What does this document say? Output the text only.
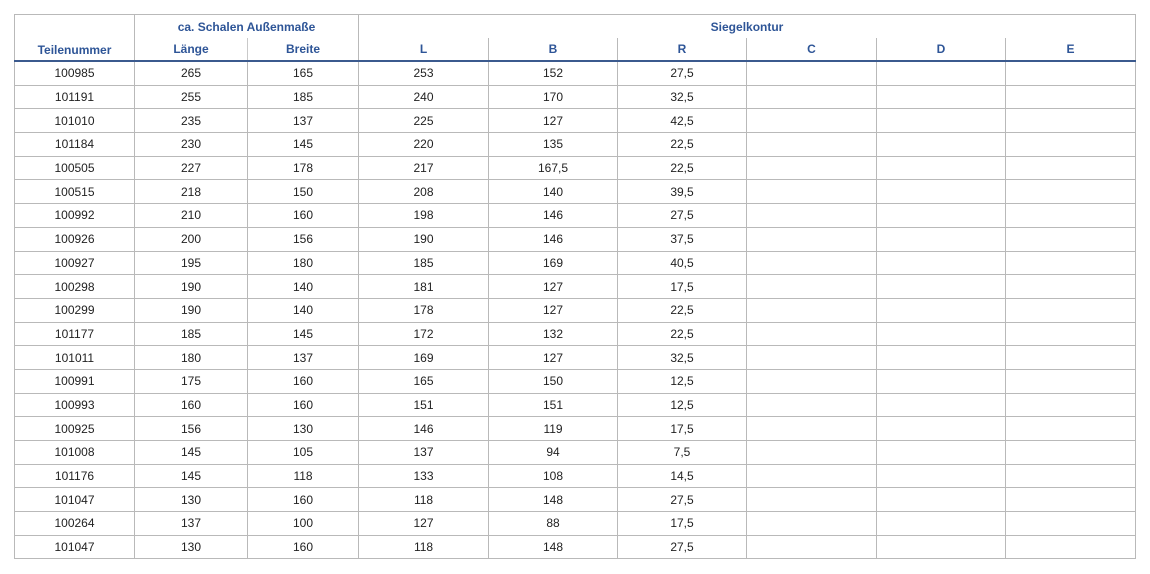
Teilenummer	ca. Schalen Außenmaße		Siegelkontur					
	Länge	Breite	L	B	R	C	D	E
100985	265	165	253	152	27,5			
101191	255	185	240	170	32,5			
101010	235	137	225	127	42,5			
101184	230	145	220	135	22,5			
100505	227	178	217	167,5	22,5			
100515	218	150	208	140	39,5			
100992	210	160	198	146	27,5			
100926	200	156	190	146	37,5			
100927	195	180	185	169	40,5			
100298	190	140	181	127	17,5			
100299	190	140	178	127	22,5			
101177	185	145	172	132	22,5			
101011	180	137	169	127	32,5			
100991	175	160	165	150	12,5			
100993	160	160	151	151	12,5			
100925	156	130	146	119	17,5			
101008	145	105	137	94	7,5			
101176	145	118	133	108	14,5			
101047	130	160	118	148	27,5			
100264	137	100	127	88	17,5			
101047	130	160	118	148	27,5			
